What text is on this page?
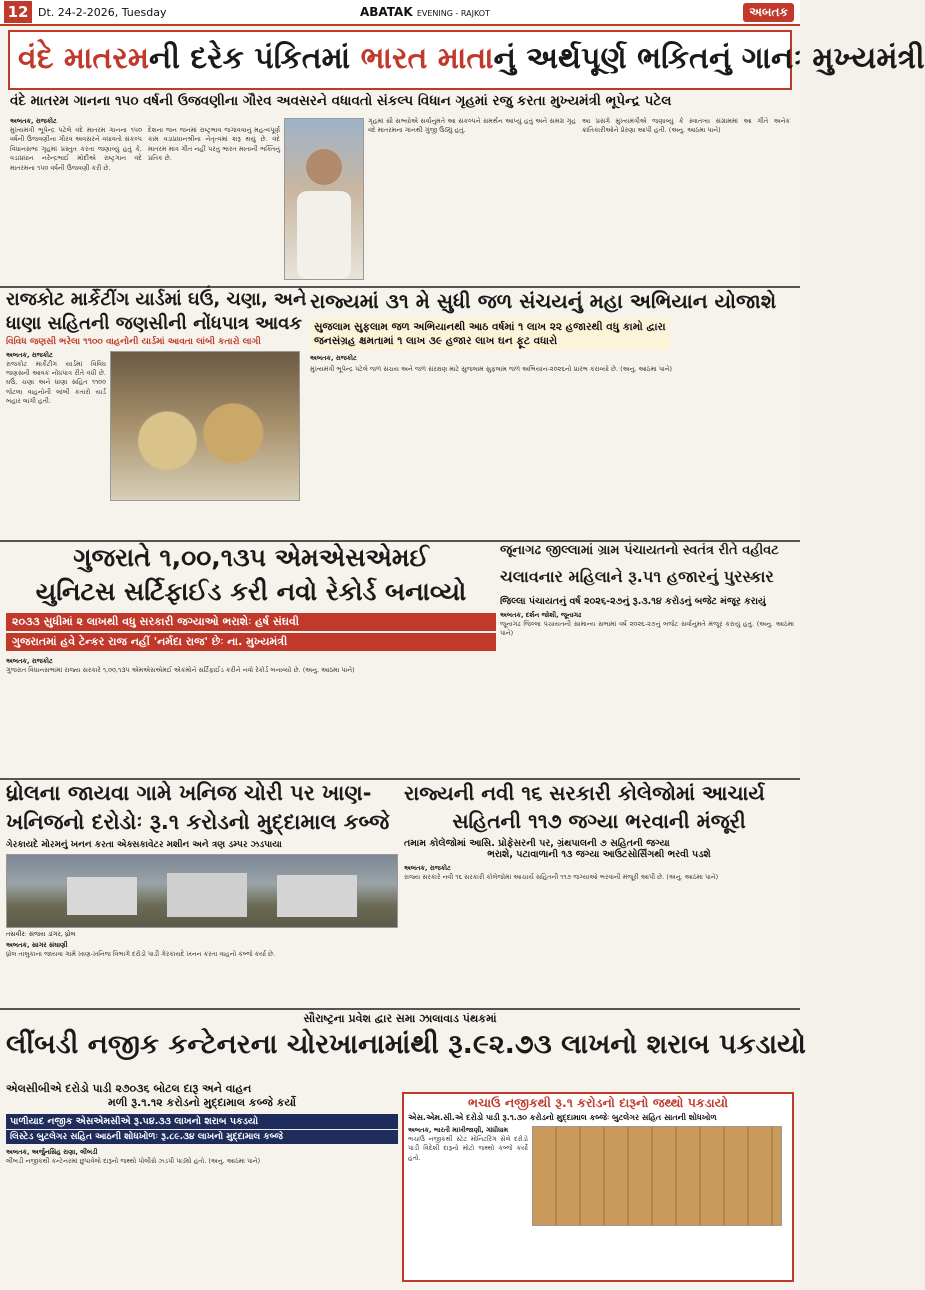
12 Dt. 24-2-2026, Tuesday	ABATAK EVENING - RAJKOT	અબતક
વંદે માતરમની દરેક પંકિતમાં ભારત માતાનું અર્થપૂર્ણ ભકિતનું ગાનઃ મુખ્યમંત્રી
વંદે માતરમ ગાનના ૧૫૦ વર્ષની ઉજવણીના ગૌરવ અવસરને વધાવતો સંકલ્પ વિધાન ગૃહમાં રજુ કરતા મુખ્યમંત્રી ભૂપેન્દ્ર પટેલ
અબતક, રાજકોટ
મુખ્યમંત્રી ભૂપેન્દ્ર પટેલે વંદે માતરમ ગાનના ૧૫૦ વર્ષની ઉજવણીના ગૌરવ અવસરને વધાવતો સંકલ્પ વિધાનસભા ગૃહમાં પ્રસ્તુત કરતા જણાવ્યું હતું કે, વડાપ્રધાન નરેન્દ્રભાઈ મોદીએ રાષ્ટ્રગાન વંદે માતરમના ૧૫૦ વર્ષની ઉજવણી કરી છે.
દેશના જન જનમાં રાષ્ટ્રભાવ જગાવવાનું મહત્વપૂર્ણ કામ વડાપ્રધાનશ્રીના નેતૃત્વમાં શરૂ થયું છે. વંદે માતરમ માત્ર ગીત નહીં પરંતુ ભારત માતાની ભક્તિનું પ્રતિક છે.
ગૃહમાં સૌ સભ્યોએ સર્વાનુમતે આ સંકલ્પને સમર્થન આપ્યું હતું અને સમગ્ર ગૃહ વંદે માતરમના ગાનથી ગુંજી ઉઠ્યું હતું.
આ પ્રસંગે મુખ્યમંત્રીએ જણાવ્યું કે સ્વાતંત્ર્ય સંગ્રામમાં આ ગીતે અનેક ક્રાંતિકારીઓને પ્રેરણા આપી હતી. (અનુ. આઠમા પાને)
રાજકોટ માર્કેટીંગ યાર્ડમાં ઘઉં, ચણા, અને
ધાણા સહિતની જણસીની નોંધપાત્ર આવક
વિવિધ જણસી ભરેલા ૧૧૦૦ વાહનોની યાર્ડમાં આવતા લાંબી કતારો લાગી
અબતક, રાજકોટ
રાજકોટ માર્કેટીંગ યાર્ડમાં વિવિધ જણસની આવક નોંધપાત્ર રીતે વધી છે. ઘઉં, ચણા અને ધાણા સહિત ૧૧૦૦ જેટલા વાહનોની લાંબી કતારો યાર્ડ બહાર લાગી હતી.
રાજ્યમાં ૩૧ મે સુધી જળ સંચયનું મહા અભિયાન યોજાશે
સુજલામ સુફલામ જળ અભિયાનથી આઠ વર્ષમાં ૧ લાખ ૨૨ હજારથી વધુ કામો દ્વારા જનસંગ્રહ ક્ષમતામાં ૧ લાખ ૩૯ હજાર લાખ ઘન ફૂટ વધારો
અબતક, રાજકોટ
મુખ્યમંત્રી ભૂપેન્દ્ર પટેલે જળ સંચય અને જળ સંરક્ષણ માટે સુજલામ સુફલામ જળ અભિયાન-૨૦૨૬નો પ્રારંભ કરાવ્યો છે. (અનુ. આઠમા પાને)
ગુજરાતે ૧,૦૦,૧૩૫ એમએસએમઈ
યુનિટસ સર્ટિફાઈડ કરી નવો રેકોર્ડ બનાવ્યો
૨૦૩૩ સુધીમાં ૨ લાખથી વધુ સરકારી જગ્યાઓ ભરાશેઃ હર્ષ સંઘવી
ગુજરાતમાં હવે ટેન્કર રાજ નહીં 'નર્મદા રાજ' છેઃ ના. મુખ્યમંત્રી
અબતક, રાજકોટ
ગુજરાત વિધાનસભામાં રાજ્ય સરકારે ૧,૦૦,૧૩૫ એમએસએમઈ એકમોને સર્ટિફાઈડ કરીને નવો રેકોર્ડ બનાવ્યો છે. (અનુ. આઠમા પાને)
જૂનાગઢ જીલ્લામાં ગ્રામ પંચાયતનો સ્વતંત્ર રીતે વહીવટ
ચલાવનાર મહિલાને રૂ.૫૧ હજારનું પુરસ્કાર
જિલ્લા પંચાયતનું વર્ષ ૨૦૨૬-૨૭નું રૂ.૩.૧૪ કરોડનું બજેટ મંજૂર કરાયું
અબતક, દર્શન જોશી, જૂનાગઢ
જૂનાગઢ જિલ્લા પંચાયતની સામાન્ય સભામાં વર્ષ ૨૦૨૬-૨૭નું બજેટ સર્વાનુમતે મંજૂર કરાયું હતું. (અનુ. આઠમા પાને)
ધ્રોલના જાયવા ગામે ખનિજ ચોરી પર ખાણ-
ખનિજનો દરોડોઃ રૂ.૧ કરોડનો મુદ્દામાલ કબ્જે
ગેરકાયદે મોરમનું ખનન કરતા એક્સકાવેટર મશીન અને ત્રણ ડમ્પર ઝડપાયા
તસવીરઃ સંજય ડાંગર, ધ્રોલ
અબતક, સાગર સંઘાણી
ધ્રોલ તાલુકાના જાયવા ગામે ખાણ-ખનિજ વિભાગે દરોડો પાડી ગેરકાયદે ખનન કરતા વાહનો કબ્જે કર્યા છે.
રાજ્યની નવી ૧૬ સરકારી કોલેજોમાં આચાર્ય
સહિતની ૧૧૭ જગ્યા ભરવાની મંજૂરી
તમામ કોલેજોમાં આસિ. પ્રોફેસરની પર, ગ્રંથપાલની ૭ સહિતની જગ્યા
ભરાશે, પટાવાળાની ૧૩ જગ્યા આઉટસોર્સિંગથી ભરવી પડશે
અબતક, રાજકોટ
રાજ્ય સરકારે નવી ૧૬ સરકારી કોલેજોમાં આચાર્ય સહિતની ૧૧૭ જગ્યાઓ ભરવાની મંજૂરી આપી છે. (અનુ. આઠમા પાને)
સૌરાષ્ટ્રના પ્રવેશ દ્વાર સમા ઝાલાવાડ પંથકમાં
લીંબડી નજીક કન્ટેનરના ચોરખાનામાંથી રૂ.૯૨.૭૩ લાખનો શરાબ પકડાયો
એલસીબીએ દરોડો પાડી ૨૭૦૩૬ બોટલ દારૂ અને વાહન
મળી રૂ.૧.૧૨ કરોડનો મુદ્દામાલ કબ્જે કર્યો
પાળીયાદ નજીક એસએમસીએ રૂ.૫૪.૩૩ લાખનો શરાબ પકડયો
લિસ્ટેડ બુટલેગર સહિત આઠની શોધખોળઃ રૂ.૮૯.૩૪ લાખનો મુદ્દામાલ કબ્જે
અબતક, અર્જુનસિંહ રાણા, લીંબડી
લીંબડી નજીકથી કન્ટેનરમાં છુપાવેલો દારૂનો જથ્થો પોલીસે ઝડપી પાડ્યો હતો. (અનુ. આઠમા પાને)
ભચાઉ નજીકથી રૂ.૧ કરોડનો દારૂનો જથ્થો પકડાયો
એસ.એમ.સી.એ દરોડો પાડી રૂ.૧.૩૦ કરોડનો મુદ્દામાલ કબ્જેઃ બુટલેગર સહિત સાતની શોધખોળ
અબતક, ભારતી માખીજાણી, ગાંધીધામ
ભચાઉ નજીકથી સ્ટેટ મોનિટરિંગ સેલે દરોડો પાડી વિદેશી દારૂનો મોટો જથ્થો કબ્જે કર્યો હતો.
